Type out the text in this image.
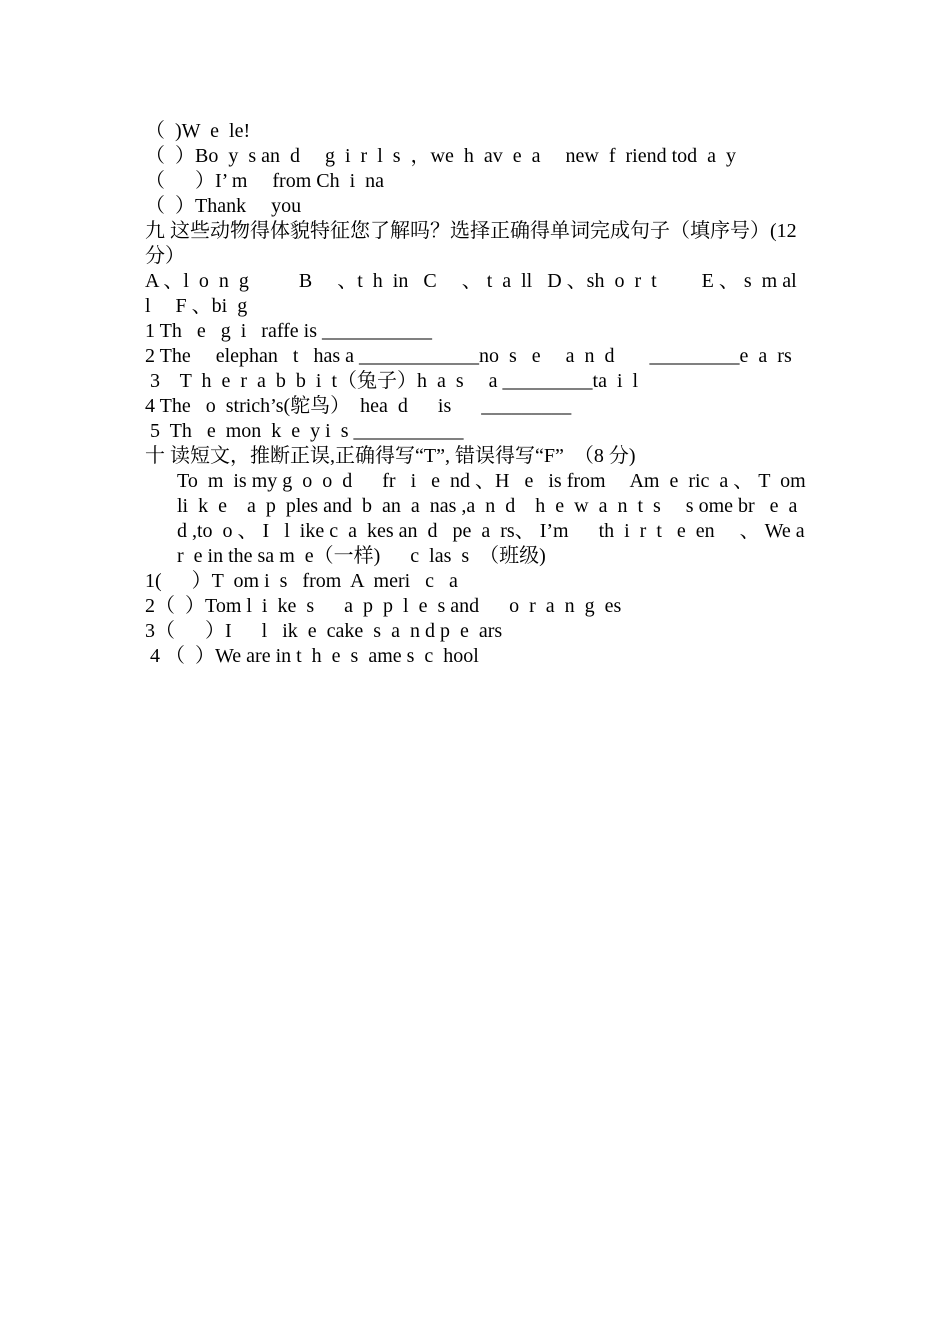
（  )W  e  le!
（  ）Bo  y  s an  d     g  i  r  l  s  ，we  h  av  e  a     new  f  riend tod  a  y
（      ）I’ m     from Ch  i  na
（  ）Thank     you
九 这些动物得体貌特征您了解吗？选择正确得单词完成句子（填序号）(12 分）
A 、l  o  n  g          B     、t  h  in   C     、 t  a  ll   D 、sh  o  r  t         E 、 s  m al  l     F 、bi  g
1 Th   e   g  i   raffe is ___________
2 The     elephan   t   has a ____________no  s   e     a  n  d       _________e  a  rs
3    T  h  e  r  a  b  b  i  t（兔子）h  a  s     a _________ta  i  l
4 The   o  strich’s(鸵鸟）  hea  d      is      _________
5  Th   e  mon  k  e  y i  s ___________
十 读短文，推断正误,正确得写“T”, 错误得写“F”  （8 分)
To  m  is my g  o  o  d      fr   i   e  nd 、H   e   is from     Am  e  ric  a 、 T  om     li  k  e    a  p  ples and  b  an  a  nas ,a  n  d    h  e  w  a  n  t  s     s ome br   e  a  d ,to  o 、 I   l  ike c  a  kes an  d   pe  a  rs、 I’m      th  i  r  t   e  en     、 We a  r  e in the sa m  e（一样)      c  las  s  （班级)
1(      ）T  om i  s   from  A  meri   c   a
2（  ）Tom l  i  ke  s      a  p  p  l  e  s and      o  r  a  n  g  es
3（      ）I      l   ik  e  cake  s  a  n d p  e  ars
4 （  ）We are in t  h  e  s  ame s  c  hool
